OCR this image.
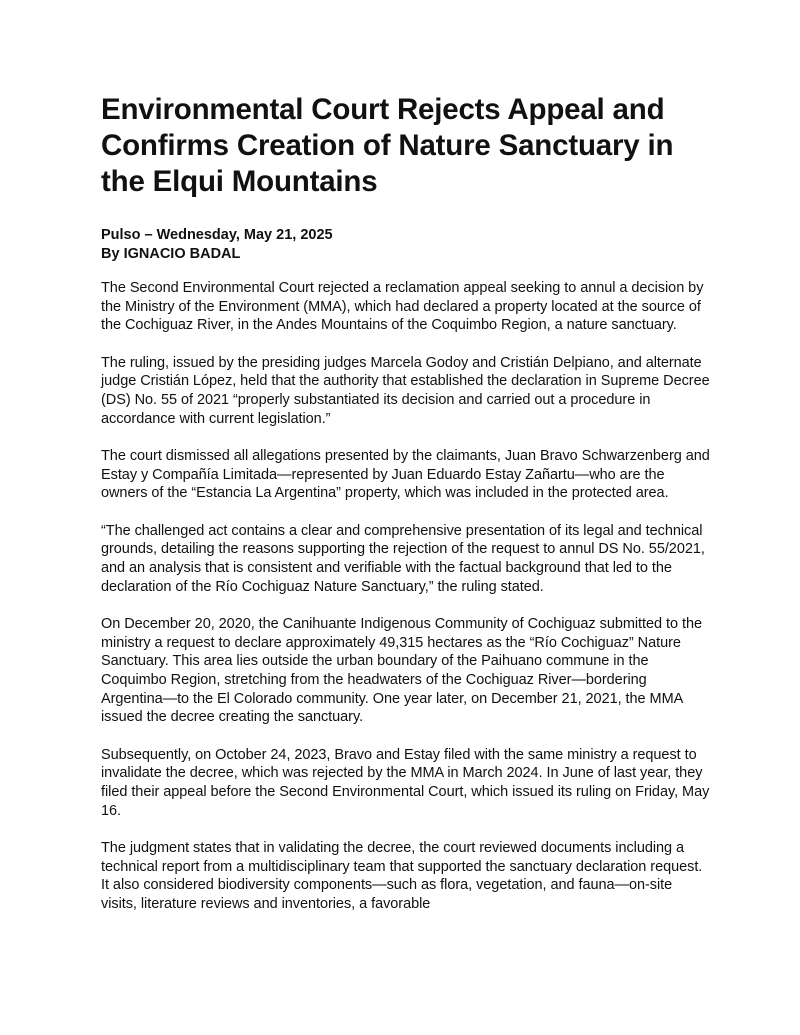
Environmental Court Rejects Appeal and Confirms Creation of Nature Sanctuary in the Elqui Mountains
Pulso – Wednesday, May 21, 2025
By IGNACIO BADAL

The Second Environmental Court rejected a reclamation appeal seeking to annul a decision by the Ministry of the Environment (MMA), which had declared a property located at the source of the Cochiguaz River, in the Andes Mountains of the Coquimbo Region, a nature sanctuary.

The ruling, issued by the presiding judges Marcela Godoy and Cristián Delpiano, and alternate judge Cristián López, held that the authority that established the declaration in Supreme Decree (DS) No. 55 of 2021 “properly substantiated its decision and carried out a procedure in accordance with current legislation.”

The court dismissed all allegations presented by the claimants, Juan Bravo Schwarzenberg and Estay y Compañía Limitada—represented by Juan Eduardo Estay Zañartu—who are the owners of the “Estancia La Argentina” property, which was included in the protected area.

“The challenged act contains a clear and comprehensive presentation of its legal and technical grounds, detailing the reasons supporting the rejection of the request to annul DS No. 55/2021, and an analysis that is consistent and verifiable with the factual background that led to the declaration of the Río Cochiguaz Nature Sanctuary,” the ruling stated.

On December 20, 2020, the Canihuante Indigenous Community of Cochiguaz submitted to the ministry a request to declare approximately 49,315 hectares as the “Río Cochiguaz” Nature Sanctuary. This area lies outside the urban boundary of the Paihuano commune in the Coquimbo Region, stretching from the headwaters of the Cochiguaz River—bordering Argentina—to the El Colorado community. One year later, on December 21, 2021, the MMA issued the decree creating the sanctuary.

Subsequently, on October 24, 2023, Bravo and Estay filed with the same ministry a request to invalidate the decree, which was rejected by the MMA in March 2024. In June of last year, they filed their appeal before the Second Environmental Court, which issued its ruling on Friday, May 16.

The judgment states that in validating the decree, the court reviewed documents including a technical report from a multidisciplinary team that supported the sanctuary declaration request. It also considered biodiversity components—such as flora, vegetation, and fauna—on-site visits, literature reviews and inventories, a favorable
